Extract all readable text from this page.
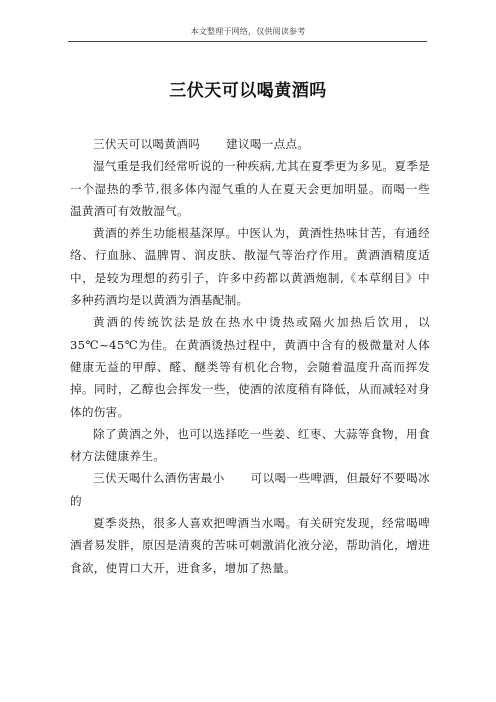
本文整理于网络，仅供阅读参考
三伏天可以喝黄酒吗

三伏天可以喝黄酒吗 建议喝一点点。

湿气重是我们经常听说的一种疾病,尤其在夏季更为多见。夏季是一个湿热的季节,很多体内湿气重的人在夏天会更加明显。而喝一些温黄酒可有效散湿气。

黄酒的养生功能根基深厚。中医认为，黄酒性热味甘苦，有通经络、行血脉、温脾胃、润皮肤、散湿气等治疗作用。黄酒酒精度适中，是较为理想的药引子，许多中药都以黄酒炮制,《本草纲目》中多种药酒均是以黄酒为酒基配制。

黄酒的传统饮法是放在热水中烫热或隔火加热后饮用，以 35℃~45℃为佳。在黄酒烫热过程中，黄酒中含有的极微量对人体健康无益的甲醇、醛、醚类等有机化合物，会随着温度升高而挥发掉。同时，乙醇也会挥发一些，使酒的浓度稍有降低，从而减轻对身体的伤害。

除了黄酒之外，也可以选择吃一些姜、红枣、大蒜等食物，用食材方法健康养生。

三伏天喝什么酒伤害最小 可以喝一些啤酒，但最好不要喝冰的

夏季炎热，很多人喜欢把啤酒当水喝。有关研究发现，经常喝啤酒者易发胖，原因是清爽的苦味可刺激消化液分泌，帮助消化，增进食欲，使胃口大开，进食多，增加了热量。
